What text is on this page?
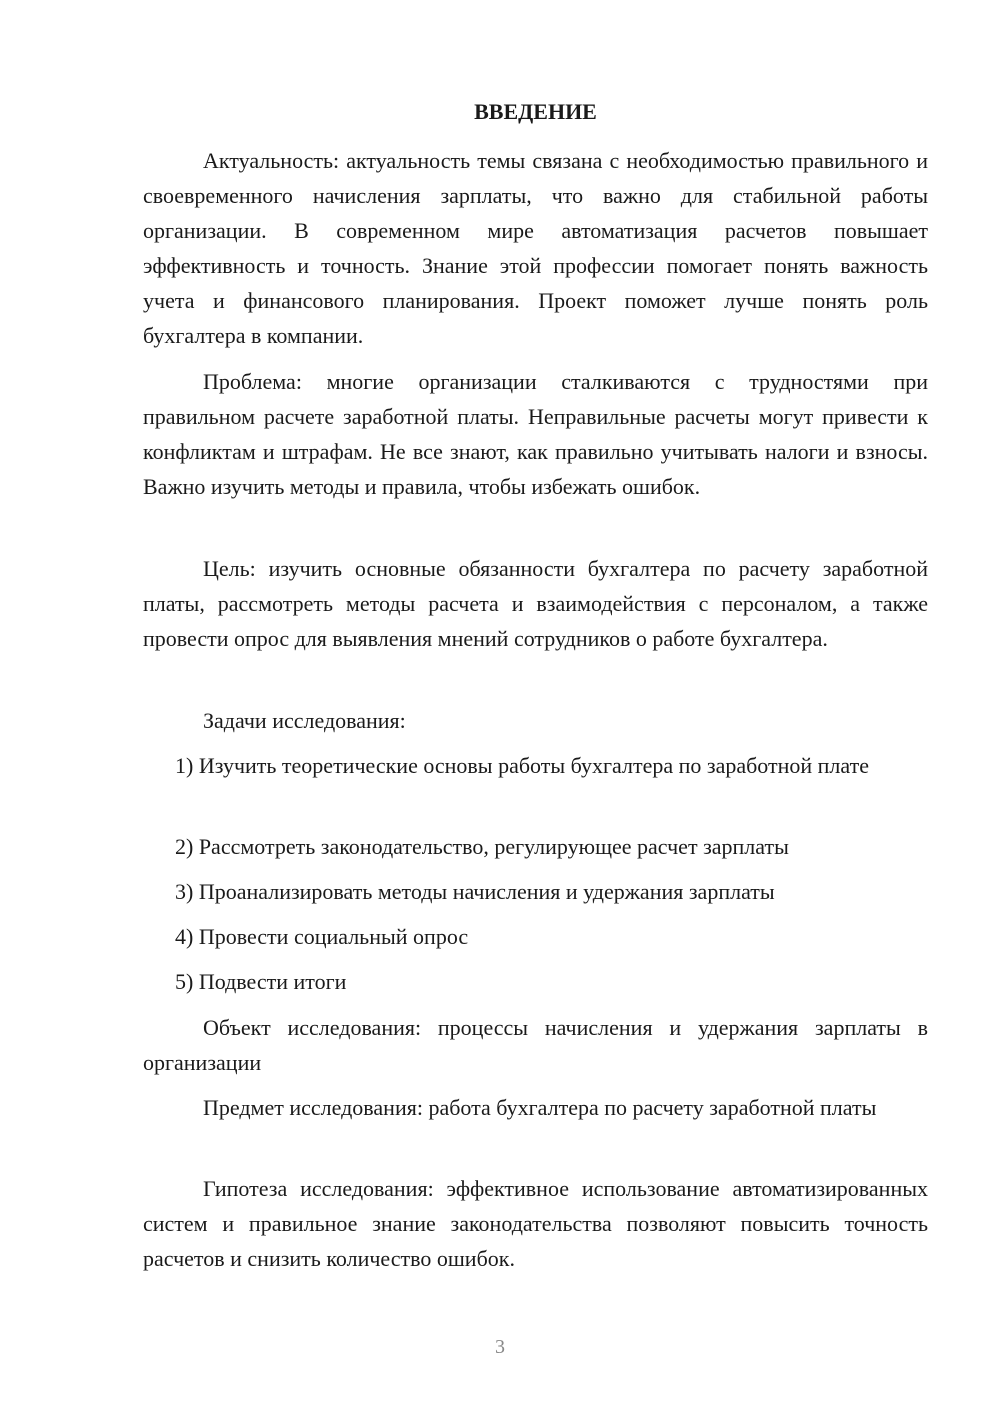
ВВЕДЕНИЕ

Актуальность: актуальность темы связана с необходимостью правильного и своевременного начисления зарплаты, что важно для стабильной работы организации. В современном мире автоматизация расчетов повышает эффективность и точность. Знание этой профессии помогает понять важность учета и финансового планирования. Проект поможет лучше понять роль бухгалтера в компании.

Проблема: многие организации сталкиваются с трудностями при правильном расчете заработной платы. Неправильные расчеты могут привести к конфликтам и штрафам. Не все знают, как правильно учитывать налоги и взносы. Важно изучить методы и правила, чтобы избежать ошибок.

Цель: изучить основные обязанности бухгалтера по расчету заработной платы, рассмотреть методы расчета и взаимодействия с персоналом, а также провести опрос для выявления мнений сотрудников о работе бухгалтера.

Задачи исследования:

1) Изучить теоретические основы работы бухгалтера по заработной плате

2) Рассмотреть законодательство, регулирующее расчет зарплаты

3) Проанализировать методы начисления и удержания зарплаты

4) Провести социальный опрос

5) Подвести итоги

Объект исследования: процессы начисления и удержания зарплаты в организации

Предмет исследования: работа бухгалтера по расчету заработной платы

Гипотеза исследования: эффективное использование автоматизированных систем и правильное знание законодательства позволяют повысить точность расчетов и снизить количество ошибок.

3
